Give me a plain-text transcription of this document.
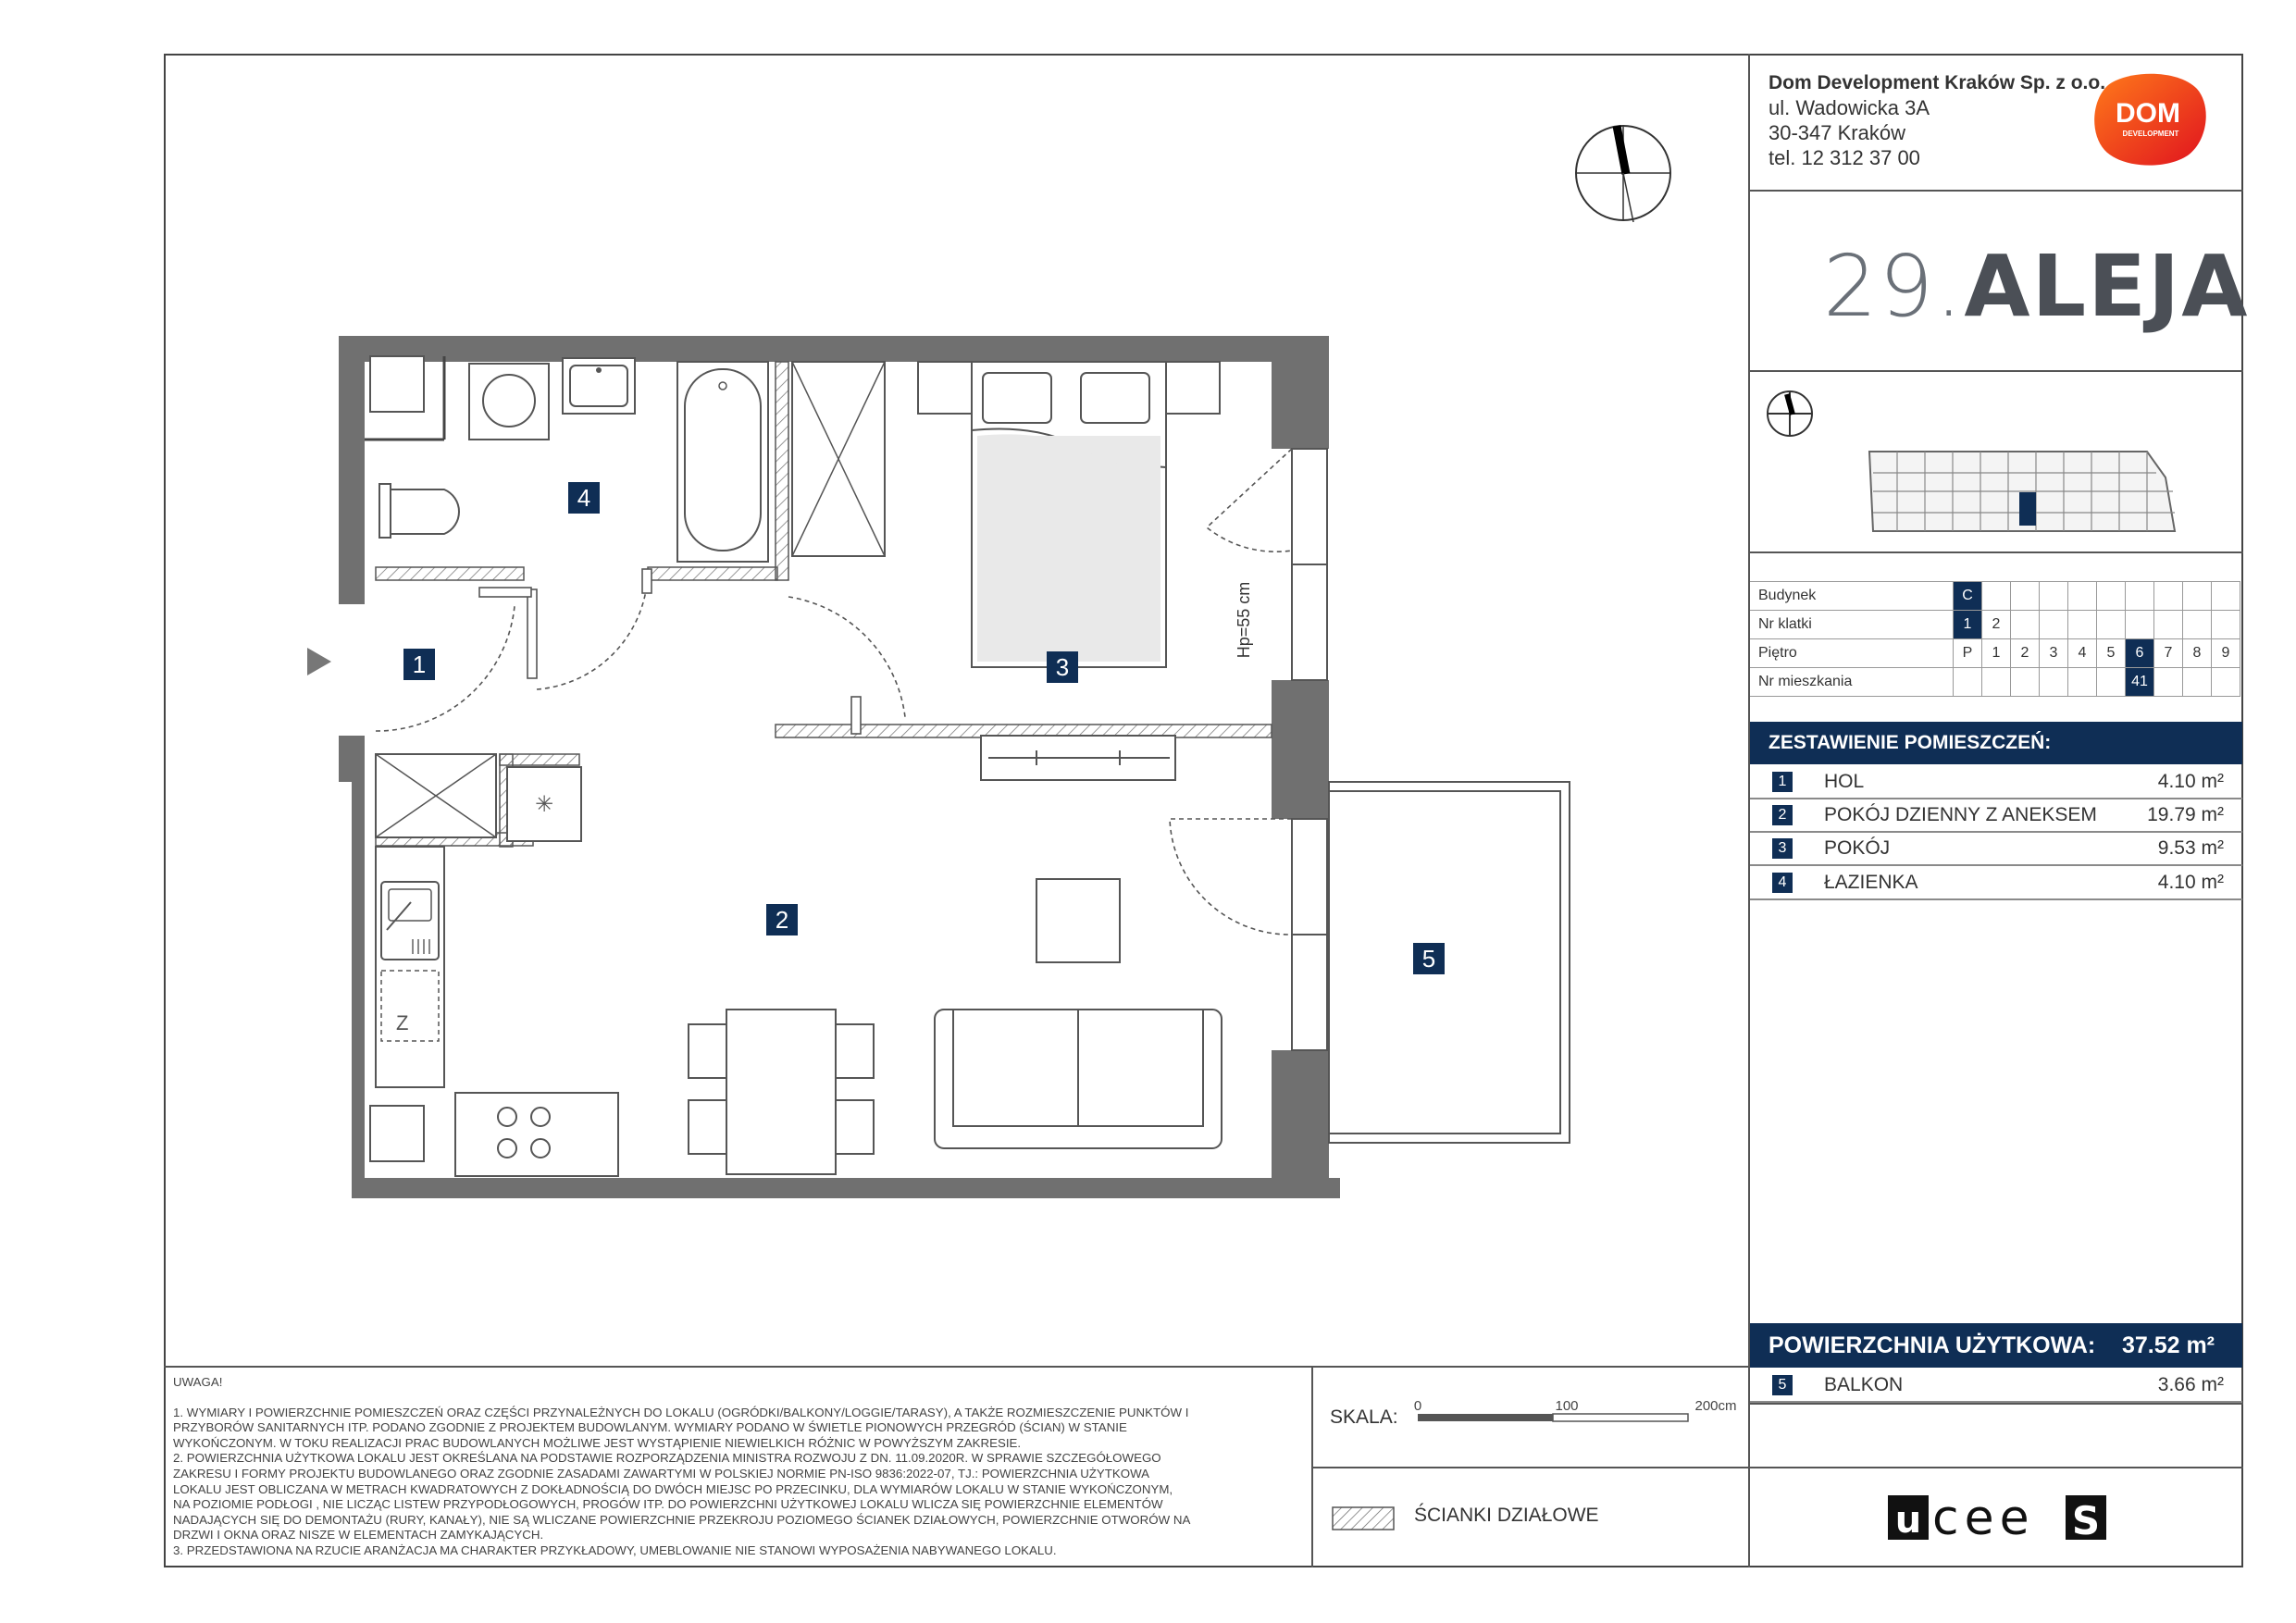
Dom Development Kraków Sp. z o.o.
ul. Wadowicka 3A
30-347 Kraków
tel. 12 312 37 00
DOM
DEVELOPMENT
29.ALEJA
Budynek	C									
Nr klatki	1	2								
Piętro	P	1	2	3	4	5	6	7	8	9
Nr mieszkania							41			
ZESTAWIENIE POMIESZCZEŃ:
1	HOL	4.10 m²
2	POKÓJ DZIENNY Z ANEKSEM	19.79 m²
3	POKÓJ	9.53 m²
4	ŁAZIENKA	4.10 m²
POWIERZCHNIA UŻYTKOWA: 37.52 m²
5	BALKON	3.66 m²
u cee S
UWAGA!
1. WYMIARY I POWIERZCHNIE POMIESZCZEŃ ORAZ CZĘŚCI PRZYNALEŻNYCH DO LOKALU (OGRÓDKI/BALKONY/LOGGIE/TARASY), A TAKŻE ROZMIESZCZENIE PUNKTÓW I
PRZYBORÓW SANITARNYCH ITP. PODANO ZGODNIE Z PROJEKTEM BUDOWLANYM. WYMIARY PODANO W ŚWIETLE PIONOWYCH PRZEGRÓD (ŚCIAN) W STANIE
WYKOŃCZONYM. W TOKU REALIZACJI PRAC BUDOWLANYCH MOŻLIWE JEST WYSTĄPIENIE NIEWIELKICH RÓŻNIC W POWYŻSZYM ZAKRESIE.
2. POWIERZCHNIA UŻYTKOWA LOKALU JEST OKREŚLANA NA PODSTAWIE ROZPORZĄDZENIA MINISTRA ROZWOJU Z DN. 11.09.2020R. W SPRAWIE SZCZEGÓŁOWEGO
ZAKRESU I FORMY PROJEKTU BUDOWLANEGO ORAZ ZGODNIE ZASADAMI ZAWARTYMI W POLSKIEJ NORMIE PN-ISO 9836:2022-07, TJ.: POWIERZCHNIA UŻYTKOWA
LOKALU JEST OBLICZANA W METRACH KWADRATOWYCH Z DOKŁADNOŚCIĄ DO DWÓCH MIEJSC PO PRZECINKU, DLA WYMIARÓW LOKALU W STANIE WYKOŃCZONYM,
NA POZIOMIE PODŁOGI , NIE LICZĄC LISTEW PRZYPODŁOGOWYCH, PROGÓW ITP. DO POWIERZCHNI UŻYTKOWEJ LOKALU WLICZA SIĘ POWIERZCHNIE ELEMENTÓW
NADAJĄCYCH SIĘ DO DEMONTAŻU (RURY, KANAŁY), NIE SĄ WLICZANE POWIERZCHNIE PRZEKROJU POZIOMEGO ŚCIANEK DZIAŁOWYCH, POWIERZCHNIE OTWORÓW NA
DRZWI I OKNA ORAZ NISZE W ELEMENTACH ZAMYKAJĄCYCH.
3. PRZEDSTAWIONA NA RZUCIE ARANŻACJA MA CHARAKTER PRZYKŁADOWY, UMEBLOWANIE NIE STANOWI WYPOSAŻENIA NABYWANEGO LOKALU.
SKALA:
0	100	200cm
ŚCIANKI DZIAŁOWE
Hp=55 cm
✳
Z
1
2
3
4
5
